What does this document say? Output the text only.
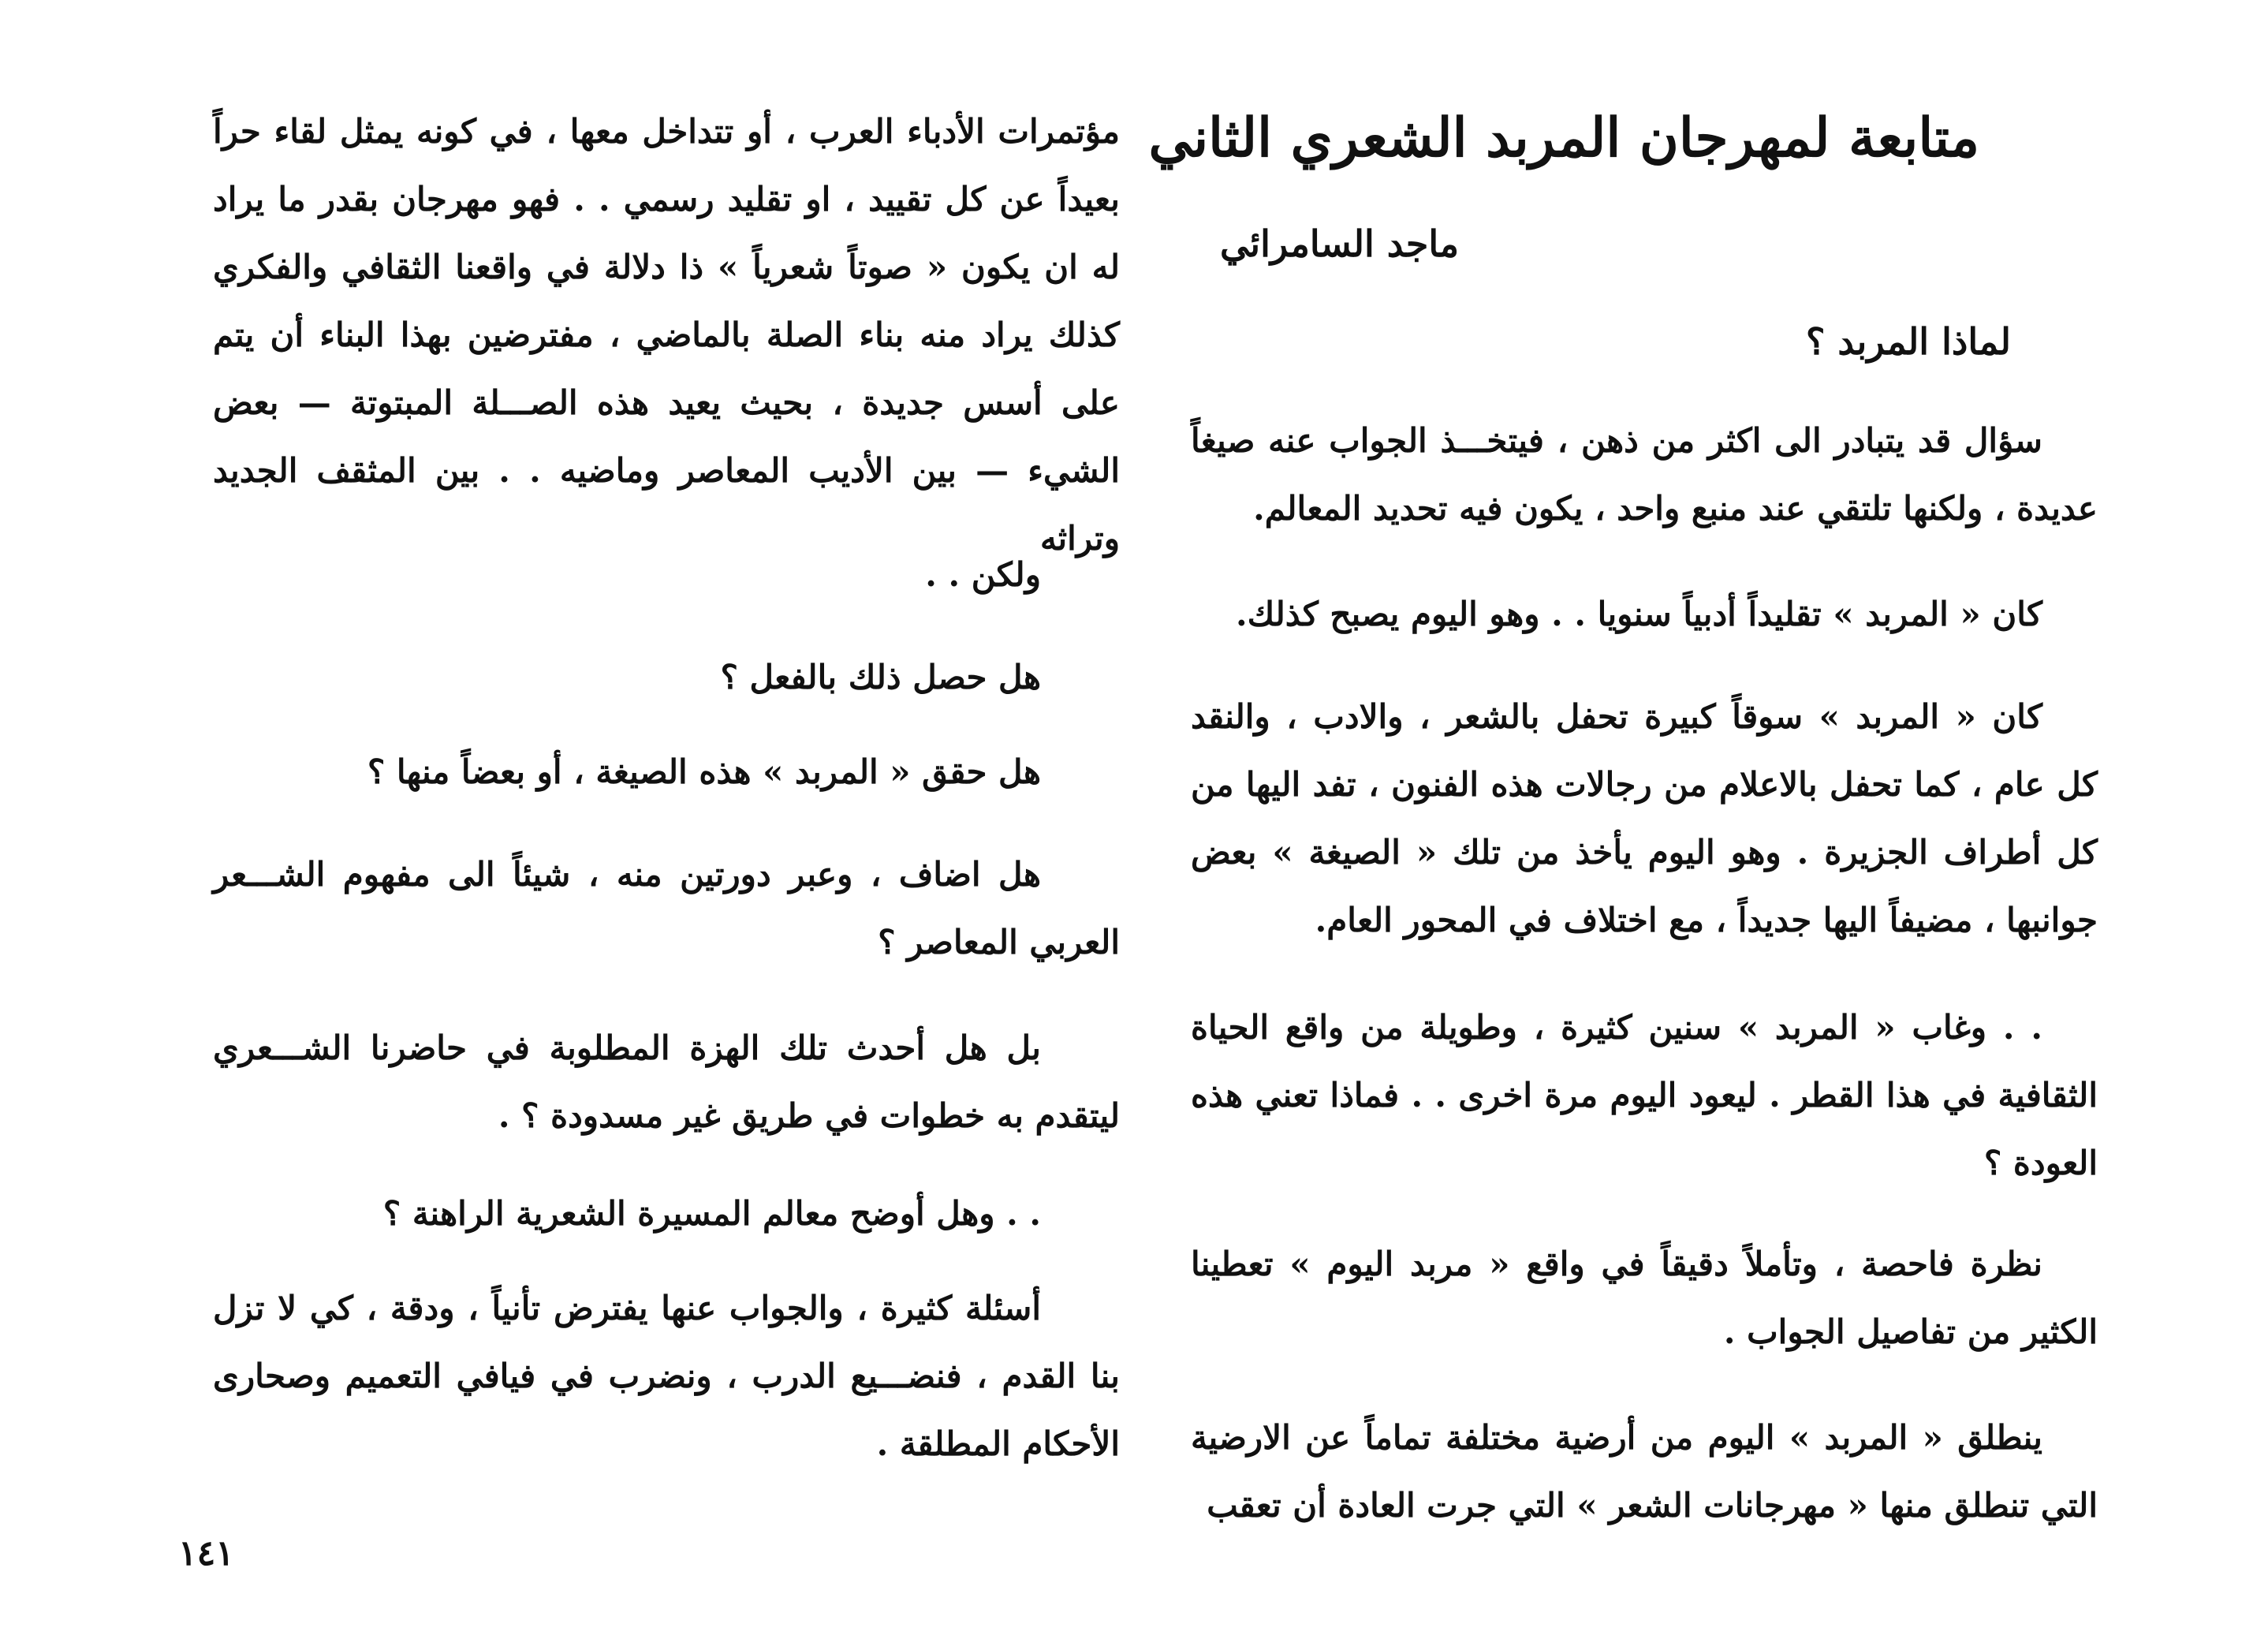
متابعة لمهرجان المربد الشعري الثاني
ماجد السامرائي
لماذا المربد ؟

سؤال قد يتبادر الى اكثر من ذهن ، فيتخـــذ الجواب عنه صيغاً عديدة ، ولكنها تلتقي عند منبع واحد ، يكون فيه تحديد المعالم.

كان « المربد » تقليداً أدبياً سنويا . . وهو اليوم يصبح كذلك.

كان « المربد » سوقاً كبيرة تحفل بالشعر ، والادب ، والنقد كل عام ، كما تحفل بالاعلام من رجالات هذه الفنون ، تفد اليها من كل أطراف الجزيرة . وهو اليوم يأخذ من تلك « الصيغة » بعض جوانبها ، مضيفاً اليها جديداً ، مع اختلاف في المحور العام.

. . وغاب « المربد » سنين كثيرة ، وطويلة من واقع الحياة الثقافية في هذا القطر . ليعود اليوم مرة اخرى . . فماذا تعني هذه العودة ؟

نظرة فاحصة ، وتأملاً دقيقاً في واقع « مربد اليوم » تعطينا الكثير من تفاصيل الجواب .

ينطلق « المربد » اليوم من أرضية مختلفة تماماً عن الارضية التي تنطلق منها « مهرجانات الشعر » التي جرت العادة أن تعقب

مؤتمرات الأدباء العرب ، أو تتداخل معها ، في كونه يمثل لقاء حراً بعيداً عن كل تقييد ، او تقليد رسمي . . فهو مهرجان بقدر ما يراد له ان يكون « صوتاً شعرياً » ذا دلالة في واقعنا الثقافي والفكري كذلك يراد منه بناء الصلة بالماضي ، مفترضين بهذا البناء أن يتم على أسس جديدة ، بحيث يعيد هذه الصـــلة المبتوتة — بعض الشيء — بين الأديب المعاصر وماضيه . . بين المثقف الجديد وتراثه

ولكن . .

هل حصل ذلك بالفعل ؟

هل حقق « المربد » هذه الصيغة ، أو بعضاً منها ؟

هل اضاف ، وعبر دورتين منه ، شيئاً الى مفهوم الشـــعر العربي المعاصر ؟

بل هل أحدث تلك الهزة المطلوبة في حاضرنا الشـــعري ليتقدم به خطوات في طريق غير مسدودة ؟ .

. . وهل أوضح معالم المسيرة الشعرية الراهنة ؟

أسئلة كثيرة ، والجواب عنها يفترض تأنياً ، ودقة ، كي لا تزل بنا القدم ، فنضـــيع الدرب ، ونضرب في فيافي التعميم وصحارى الأحكام المطلقة .

١٤١
